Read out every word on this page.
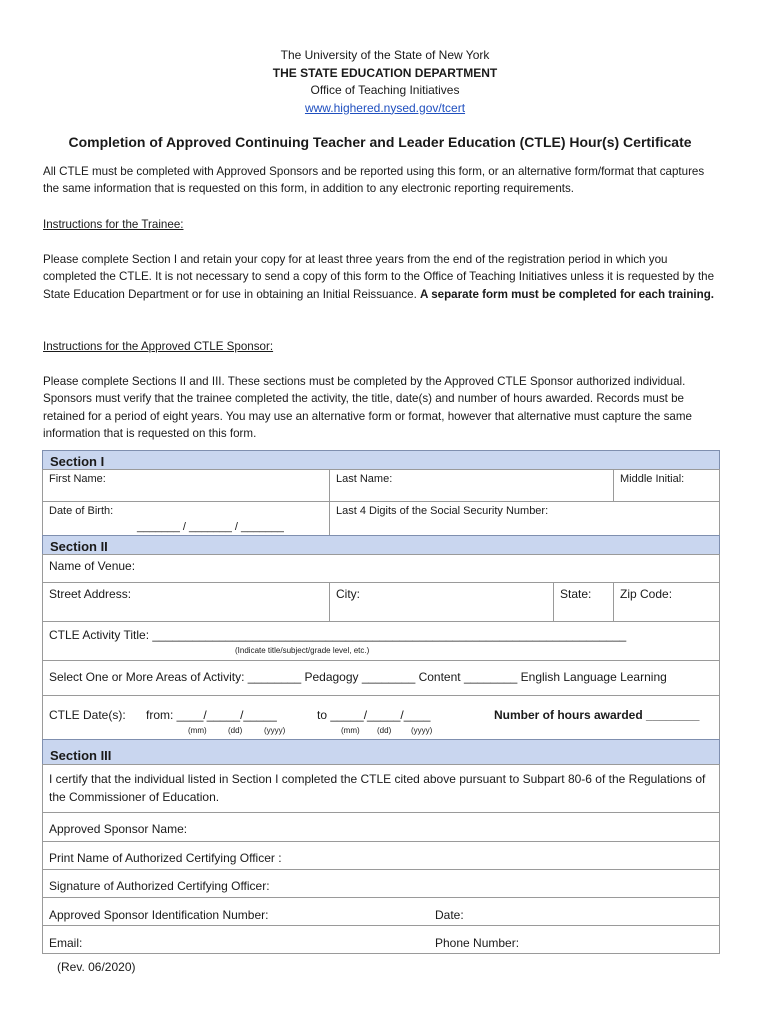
The University of the State of New York
THE STATE EDUCATION DEPARTMENT
Office of Teaching Initiatives
www.highered.nysed.gov/tcert
Completion of Approved Continuing Teacher and Leader Education (CTLE) Hour(s) Certificate
All CTLE must be completed with Approved Sponsors and be reported using this form, or an alternative form/format that captures the same information that is requested on this form, in addition to any electronic reporting requirements.
Instructions for the Trainee:
Please complete Section I and retain your copy for at least three years from the end of the registration period in which you completed the CTLE. It is not necessary to send a copy of this form to the Office of Teaching Initiatives unless it is requested by the State Education Department or for use in obtaining an Initial Reissuance. A separate form must be completed for each training.
Instructions for the Approved CTLE Sponsor:
Please complete Sections II and III. These sections must be completed by the Approved CTLE Sponsor authorized individual. Sponsors must verify that the trainee completed the activity, the title, date(s) and number of hours awarded. Records must be retained for a period of eight years. You may use an alternative form or format, however that alternative must capture the same information that is requested on this form.
Section I
First Name:	Last Name:	Middle Initial:
Date of Birth:
_______ / _______ / _______
Last 4 Digits of the Social Security Number:
Section II
Name of Venue:
Street Address:	City:	State: Zip Code:
CTLE Activity Title: _______________________________________________________________________
(Indicate title/subject/grade level, etc.)
Select One or More Areas of Activity: ________ Pedagogy ________ Content ________ English Language Learning
CTLE Date(s): from: ____/_____/_____
(mm)	(dd)	(yyyy)
to _____/_____/____
(mm) (dd) (yyyy)
Number of hours awarded ________
Section III
I certify that the individual listed in Section I completed the CTLE cited above pursuant to Subpart 80-6 of the Regulations of the Commissioner of Education.
Approved Sponsor Name:
Print Name of Authorized Certifying Officer :
Signature of Authorized Certifying Officer:
Approved Sponsor Identification Number:	Date:
Email:	Phone Number:
(Rev. 06/2020)
